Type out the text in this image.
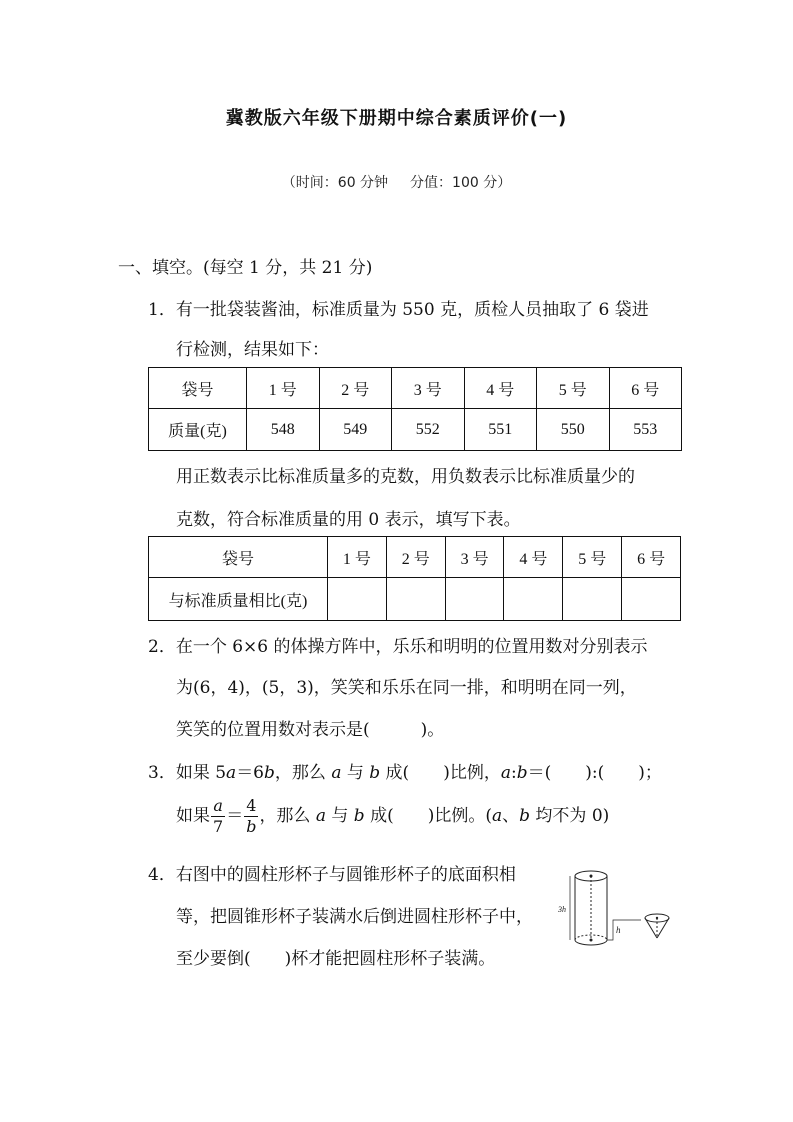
冀教版六年级下册期中综合素质评价(一)
（时间：60 分钟 分值：100 分）
一、填空。(每空 1 分，共 21 分)
1．有一批袋装酱油，标准质量为 550 克，质检人员抽取了 6 袋进
行检测，结果如下：
袋号	1 号	2 号	3 号	4 号	5 号	6 号
质量(克)	548	549	552	551	550	553
用正数表示比标准质量多的克数，用负数表示比标准质量少的
克数，符合标准质量的用 0 表示，填写下表。
袋号	1 号	2 号	3 号	4 号	5 号	6 号
与标准质量相比(克)						
2．在一个 6×6 的体操方阵中，乐乐和明明的位置用数对分别表示
为(6，4)，(5，3)，笑笑和乐乐在同一排，和明明在同一列，
笑笑的位置用数对表示是(　　　)。
3．如果 5a＝6b，那么 a 与 b 成(　　)比例，a:b＝(　　):(　　)；
如果 $\frac{a}{7} = \frac{4}{b}$ ，那么 a 与 b 成(　　)比例。(a、b 均不为 0)
4．右图中的圆柱形杯子与圆锥形杯子的底面积相
等，把圆锥形杯子装满水后倒进圆柱形杯子中，
至少要倒(　　)杯才能把圆柱形杯子装满。
3h
h
